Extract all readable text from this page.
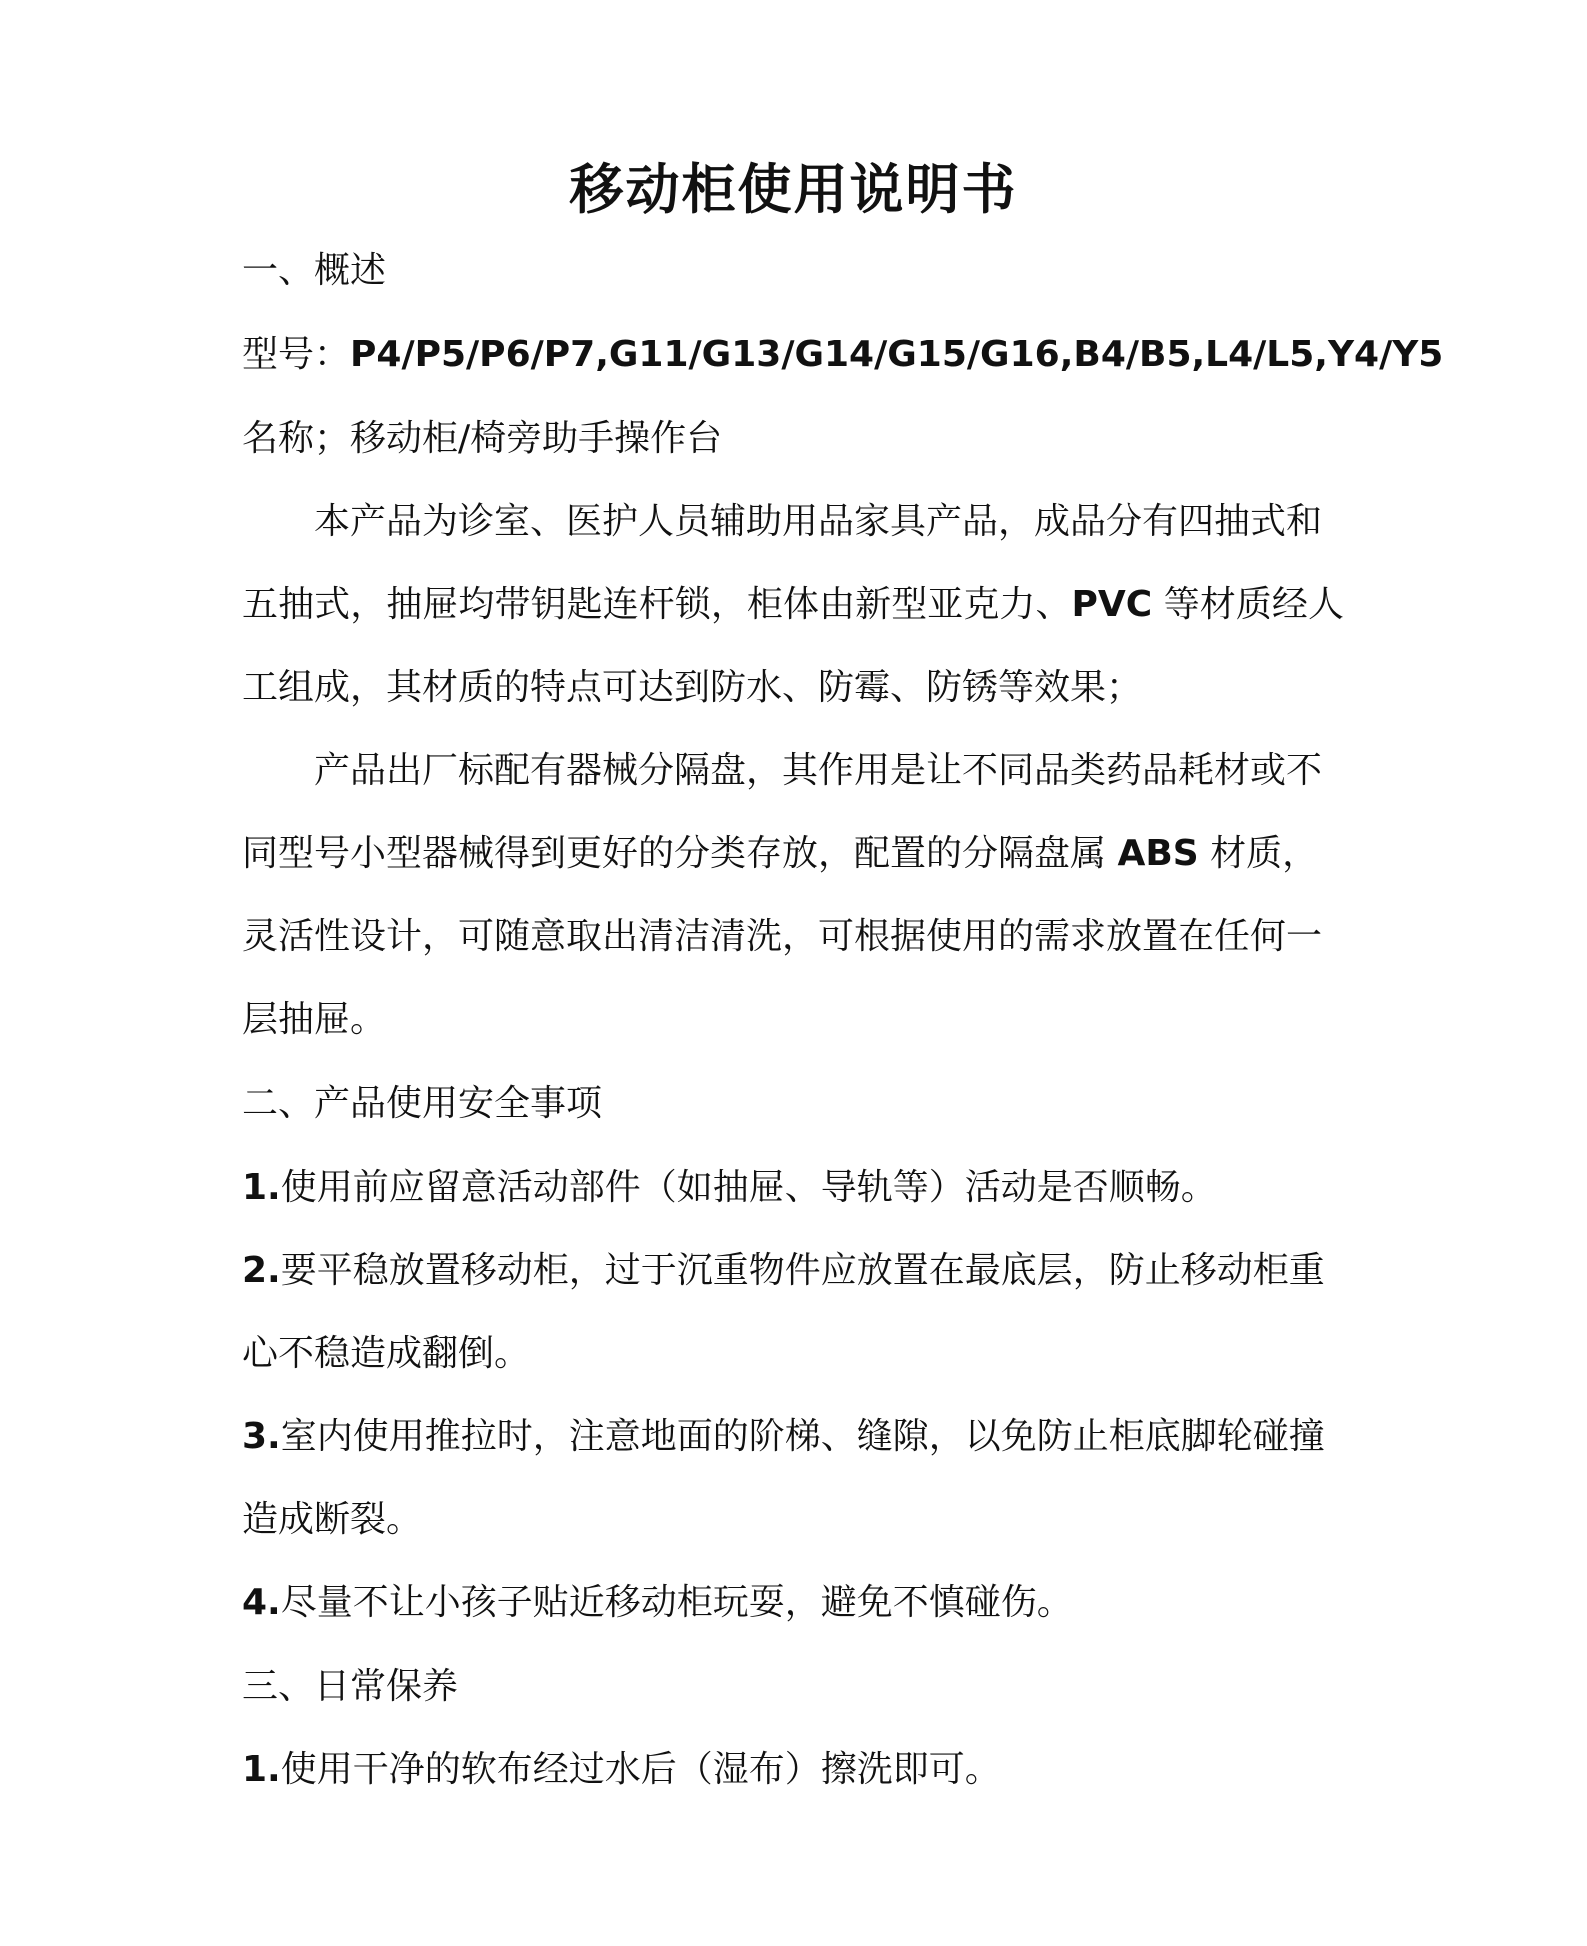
移动柜使用说明书
一、概述
型号：P4/P5/P6/P7,G11/G13/G14/G15/G16,B4/B5,L4/L5,Y4/Y5
名称；移动柜/椅旁助手操作台
本产品为诊室、医护人员辅助用品家具产品，成品分有四抽式和
五抽式，抽屉均带钥匙连杆锁，柜体由新型亚克力、PVC 等材质经人
工组成，其材质的特点可达到防水、防霉、防锈等效果；
产品出厂标配有器械分隔盘，其作用是让不同品类药品耗材或不
同型号小型器械得到更好的分类存放，配置的分隔盘属 ABS 材质，
灵活性设计，可随意取出清洁清洗，可根据使用的需求放置在任何一
层抽屉。
二、产品使用安全事项
1.使用前应留意活动部件（如抽屉、导轨等）活动是否顺畅。
2.要平稳放置移动柜，过于沉重物件应放置在最底层，防止移动柜重
心不稳造成翻倒。
3.室内使用推拉时，注意地面的阶梯、缝隙，以免防止柜底脚轮碰撞
造成断裂。
4.尽量不让小孩子贴近移动柜玩耍，避免不慎碰伤。
三、日常保养
1.使用干净的软布经过水后（湿布）擦洗即可。
